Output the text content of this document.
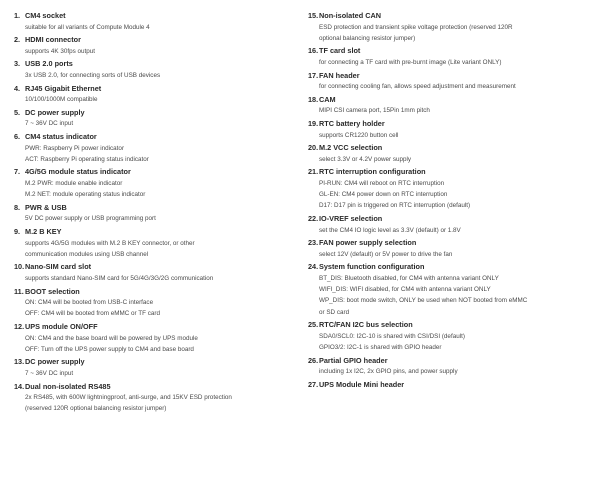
1. CM4 socket
suitable for all variants of Compute Module 4
2. HDMI connector
supports 4K 30fps output
3. USB 2.0 ports
3x USB 2.0, for connecting sorts of USB devices
4. RJ45 Gigabit Ethernet
10/100/1000M compatible
5. DC power supply
7 ~ 36V DC input
6. CM4 status indicator
PWR: Raspberry Pi power indicator
ACT: Raspberry Pi operating status indicator
7. 4G/5G module status indicator
M.2 PWR: module enable indicator
M.2 NET: module operating status indicator
8. PWR & USB
5V DC power supply or USB programming port
9. M.2 B KEY
supports 4G/5G modules with M.2 B KEY connector, or other
communication modules using USB channel
10.Nano-SIM card slot
supports standard Nano-SIM card for 5G/4G/3G/2G communication
11.BOOT selection
ON: CM4 will be booted from USB-C interface
OFF: CM4 will be booted from eMMC or TF card
12.UPS module ON/OFF
ON: CM4 and the base board will be powered by UPS module
OFF: Turn off the UPS power supply to CM4 and base board
13.DC power supply
7 ~ 36V DC input
14.Dual non-isolated RS485
2x RS485, with 600W lightningproof, anti-surge, and 15KV ESD protection
(reserved 120R optional balancing resistor jumper)
15.Non-isolated CAN
ESD protection and transient spike voltage protection (reserved 120R
optional balancing resistor jumper)
16.TF card slot
for connecting a TF card with pre-burnt image (Lite variant ONLY)
17.FAN header
for connecting cooling fan, allows speed adjustment and measurement
18.CAM
MIPI CSI camera port, 15Pin 1mm pitch
19.RTC battery holder
supports CR1220 button cell
20.M.2 VCC selection
select 3.3V or 4.2V power supply
21.RTC interruption configuration
PI-RUN: CM4 will reboot on RTC interruption
GL-EN: CM4 power down on RTC interruption
D17: D17 pin is triggered on RTC interruption (default)
22.IO-VREF selection
set the CM4 IO logic level as 3.3V (default) or 1.8V
23.FAN power supply selection
select 12V (default) or 5V power to drive the fan
24.System function configuration
BT_DIS: Bluetooth disabled, for CM4 with antenna variant ONLY
WIFI_DIS: WIFI disabled, for CM4 with antenna variant ONLY
WP_DIS: boot mode switch, ONLY be used when NOT booted from eMMC
or SD card
25.RTC/FAN I2C bus selection
SDA0/SCL0: I2C-10 is shared with CSI/DSI (default)
GPIO3/2: I2C-1 is shared with GPIO header
26.Partial GPIO header
including 1x I2C, 2x GPIO pins, and power supply
27.UPS Module Mini header
